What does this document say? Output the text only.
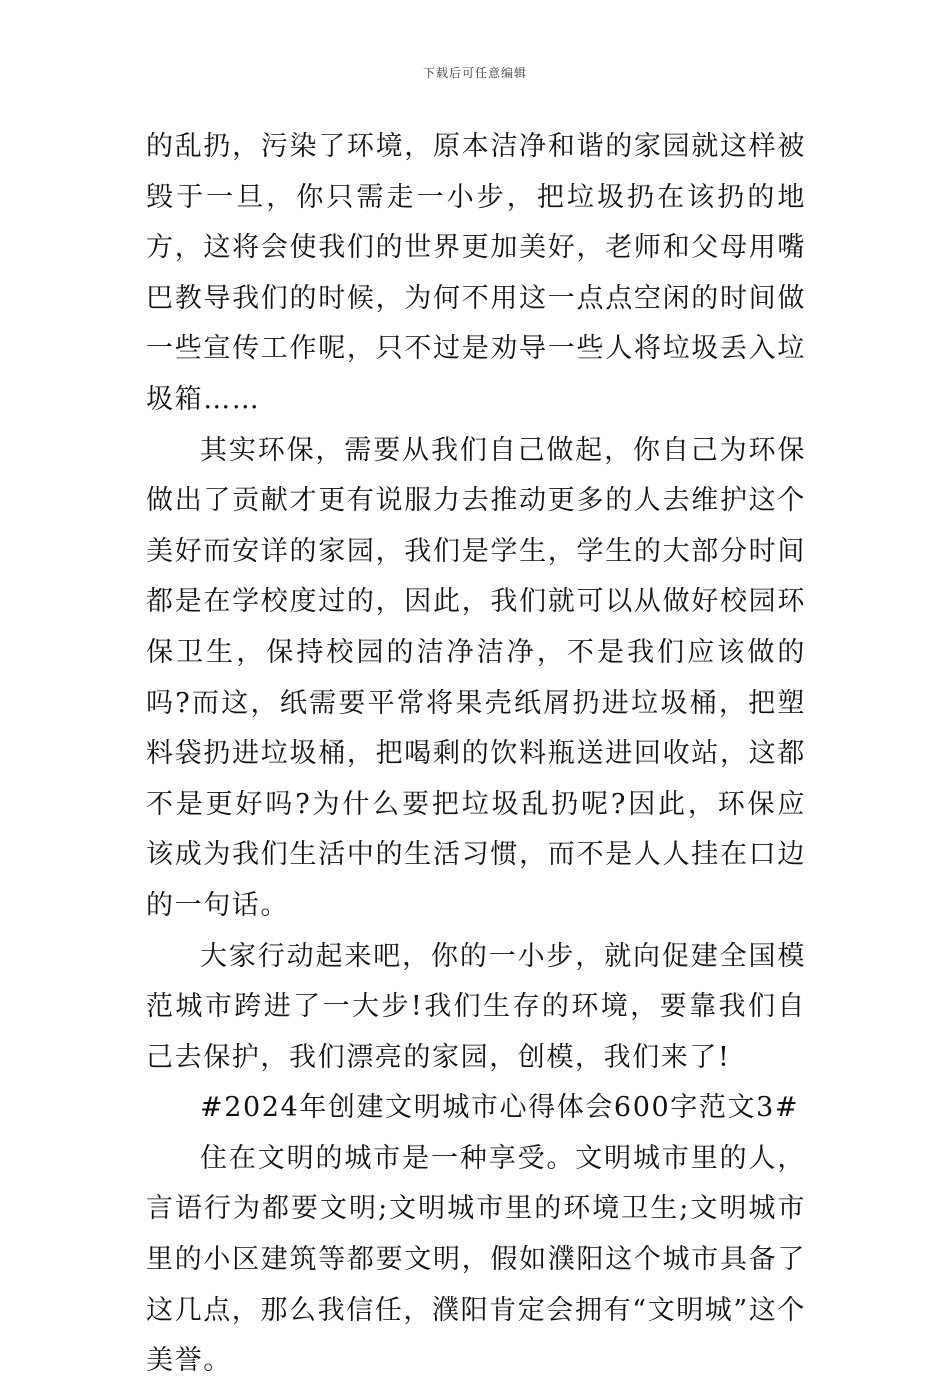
下载后可任意编辑

的乱扔，污染了环境，原本洁净和谐的家园就这样被毁于一旦，你只需走一小步，把垃圾扔在该扔的地方，这将会使我们的世界更加美好，老师和父母用嘴巴教导我们的时候，为何不用这一点点空闲的时间做一些宣传工作呢，只不过是劝导一些人将垃圾丢入垃圾箱……

其实环保，需要从我们自己做起，你自己为环保做出了贡献才更有说服力去推动更多的人去维护这个美好而安详的家园，我们是学生，学生的大部分时间都是在学校度过的，因此，我们就可以从做好校园环保卫生，保持校园的洁净洁净，不是我们应该做的吗?而这，纸需要平常将果壳纸屑扔进垃圾桶，把塑料袋扔进垃圾桶，把喝剩的饮料瓶送进回收站，这都不是更好吗?为什么要把垃圾乱扔呢?因此，环保应该成为我们生活中的生活习惯，而不是人人挂在口边的一句话。

大家行动起来吧，你的一小步，就向促建全国模范城市跨进了一大步!我们生存的环境，要靠我们自己去保护，我们漂亮的家园，创模，我们来了!

#2024年创建文明城市心得体会600字范文3#

住在文明的城市是一种享受。文明城市里的人，言语行为都要文明;文明城市里的环境卫生;文明城市里的小区建筑等都要文明，假如濮阳这个城市具备了这几点，那么我信任，濮阳肯定会拥有“文明城”这个美誉。
